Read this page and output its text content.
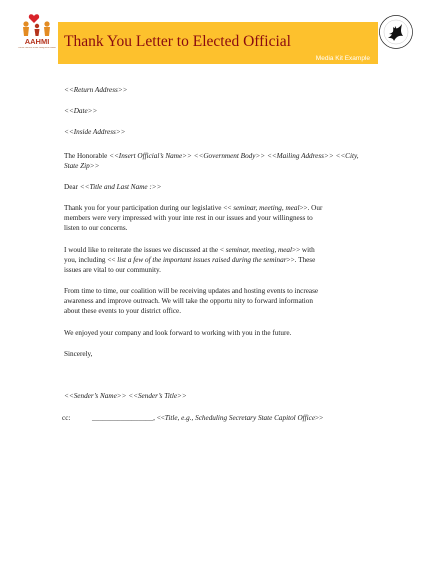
AAHMI
African American Health Management Institute Thank You Letter to Elected Official
Media Kit Example
<<Return Address>>
<<Date>>
<<Inside Address>>
The Honorable <<Insert Official’s Name>> <<Government Body>> <<Mailing Address>> <<City,
State Zip>>
Dear <<Title and Last Name :>>
Thank you for your participation during our legislative << seminar, meeting, meal>>. Our
members were very impressed with your inte rest in our issues and your willingness to
listen to our concerns.
I would like to reiterate the issues we discussed at the < seminar, meeting, meal>> with
you, including << list a few of the important issues raised during the seminar>>. These
issues are vital to our community.
From time to time, our coalition will be receiving updates and hosting events to increase
awareness and improve outreach. We will take the opportu nity to forward information
about these events to your district office.
We enjoyed your company and look forward to working with you in the future.
Sincerely,
<<Sender’s Name>> <<Sender’s Title>>
cc:	_________________, <<Title, e.g., Scheduling Secretary State Capitol Office>>
